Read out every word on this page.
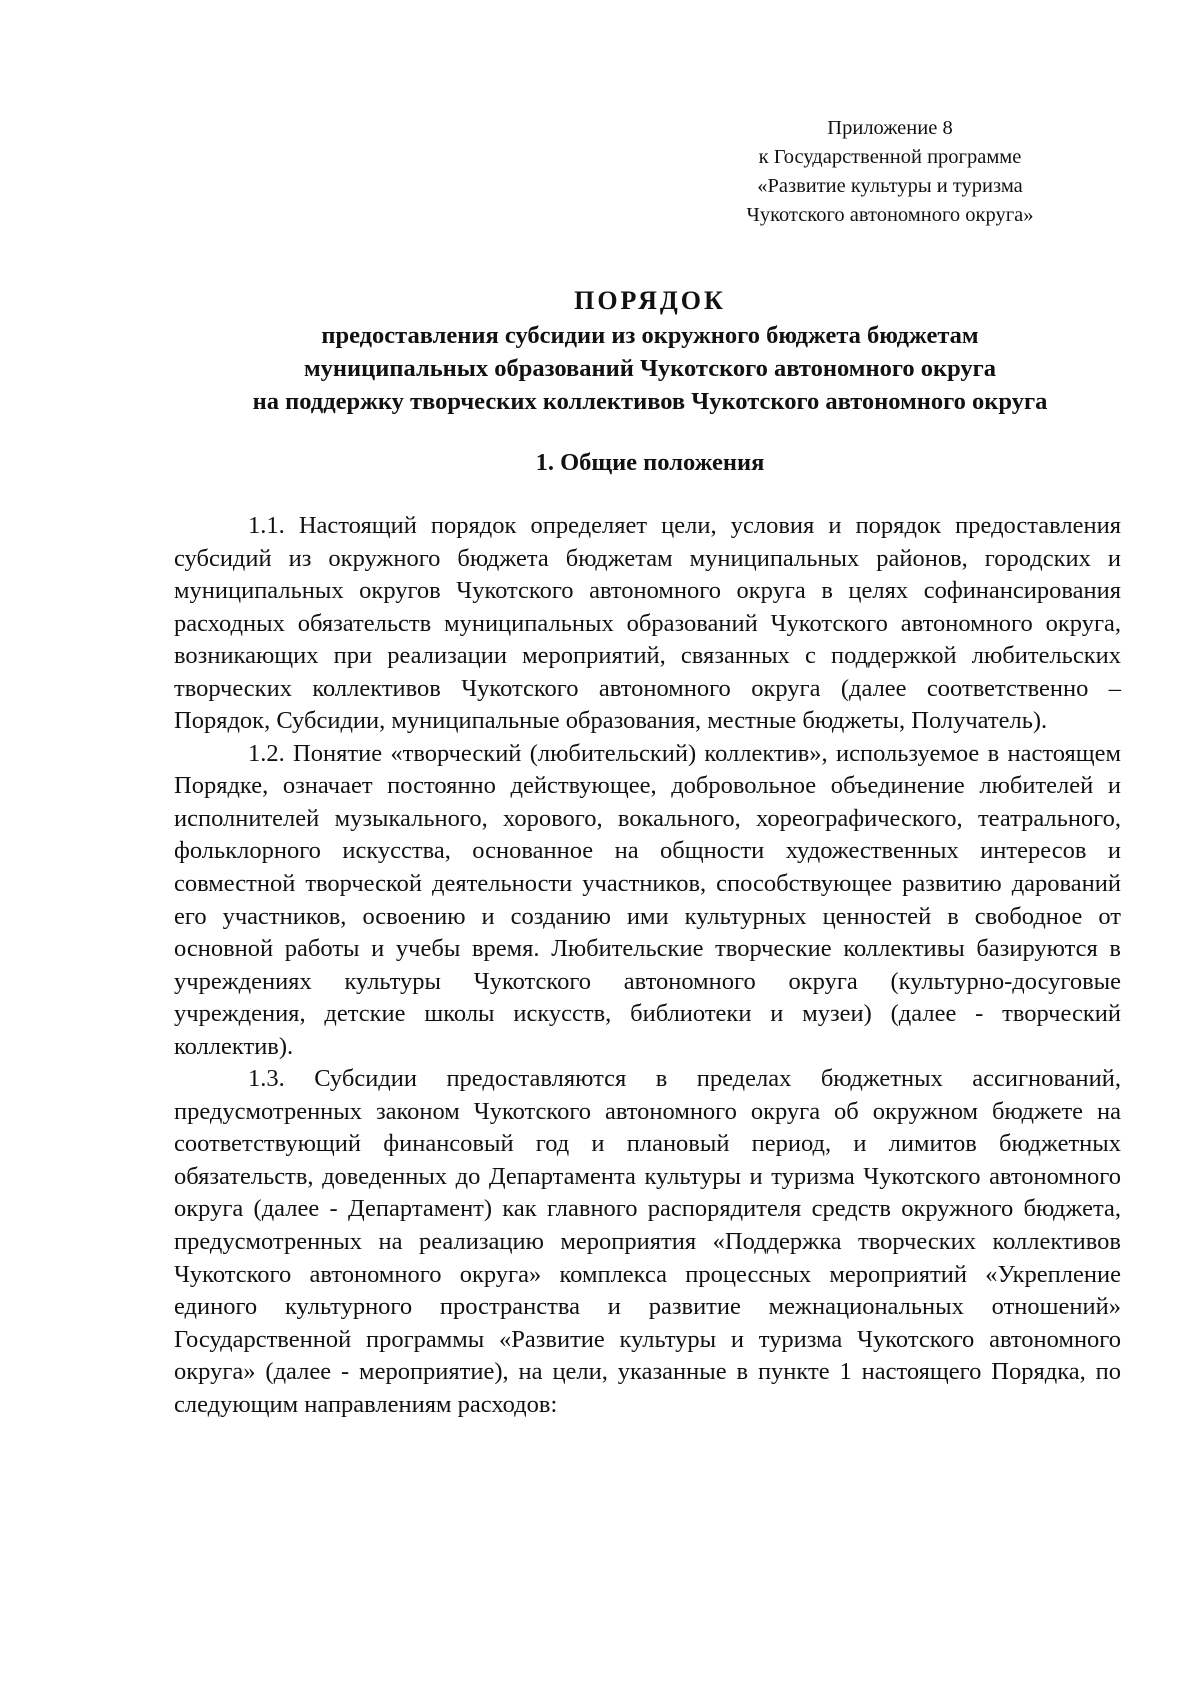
Приложение 8
к Государственной программе
«Развитие культуры и туризма
Чукотского автономного округа»
ПОРЯДОК
предоставления субсидии из окружного бюджета бюджетам
муниципальных образований Чукотского автономного округа
на поддержку творческих коллективов Чукотского автономного округа
1. Общие положения

1.1. Настоящий порядок определяет цели, условия и порядок предоставления субсидий из окружного бюджета бюджетам муниципальных районов, городских и муниципальных округов Чукотского автономного округа в целях софинансирования расходных обязательств муниципальных образований Чукотского автономного округа, возникающих при реализации мероприятий, связанных с поддержкой любительских творческих коллективов Чукотского автономного округа (далее соответственно – Порядок, Субсидии, муниципальные образования, местные бюджеты, Получатель).

1.2. Понятие «творческий (любительский) коллектив», используемое в настоящем Порядке, означает постоянно действующее, добровольное объединение любителей и исполнителей музыкального, хорового, вокального, хореографического, театрального, фольклорного искусства, основанное на общности художественных интересов и совместной творческой деятельности участников, способствующее развитию дарований его участников, освоению и созданию ими культурных ценностей в свободное от основной работы и учебы время. Любительские творческие коллективы базируются в учреждениях культуры Чукотского автономного округа (культурно-досуговые учреждения, детские школы искусств, библиотеки и музеи) (далее - творческий коллектив).

1.3. Субсидии предоставляются в пределах бюджетных ассигнований, предусмотренных законом Чукотского автономного округа об окружном бюджете на соответствующий финансовый год и плановый период, и лимитов бюджетных обязательств, доведенных до Департамента культуры и туризма Чукотского автономного округа (далее - Департамент) как главного распорядителя средств окружного бюджета, предусмотренных на реализацию мероприятия «Поддержка творческих коллективов Чукотского автономного округа» комплекса процессных мероприятий «Укрепление единого культурного пространства и развитие межнациональных отношений» Государственной программы «Развитие культуры и туризма Чукотского автономного округа» (далее - мероприятие), на цели, указанные в пункте 1 настоящего Порядка, по следующим направлениям расходов:
